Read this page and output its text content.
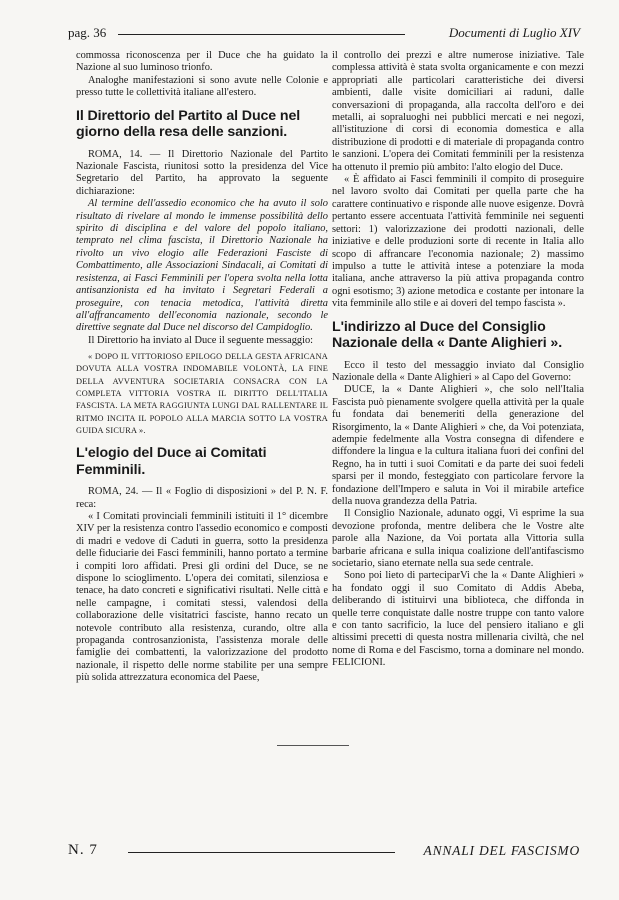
pag. 36	Documenti di Luglio XIV

commossa riconoscenza per il Duce che ha guidato la Nazione al suo luminoso trionfo.

Analoghe manifestazioni si sono avute nelle Colonie e presso tutte le collettività italiane all'estero.

Il Direttorio del Partito al Duce nel giorno della resa delle sanzioni.

ROMA, 14. — Il Direttorio Nazionale del Partito Nazionale Fascista, riunitosi sotto la presidenza del Vice Segretario del Partito, ha approvato la seguente dichiarazione:

Al termine dell'assedio economico che ha avuto il solo risultato di rivelare al mondo le immense possibilità dello spirito di disciplina e del valore del popolo italiano, temprato nel clima fascista, il Direttorio Nazionale ha rivolto un vivo elogio alle Federazioni Fasciste di Combattimento, alle Associazioni Sindacali, ai Comitati di resistenza, ai Fasci Femminili per l'opera svolta nella lotta antisanzionista ed ha invitato i Segretari Federali a proseguire, con tenacia metodica, l'attività diretta all'affrancamento dell'economia nazionale, secondo le direttive segnate dal Duce nel discorso del Campidoglio.

Il Direttorio ha inviato al Duce il seguente messaggio:

« DOPO IL VITTORIOSO EPILOGO DELLA GESTA AFRICANA DOVUTA ALLA VOSTRA INDOMABILE VOLONTÀ, LA FINE DELLA AVVENTURA SOCIETARIA CONSACRA CON LA COMPLETA VITTORIA VOSTRA IL DIRITTO DELL'ITALIA FASCISTA. LA META RAGGIUNTA LUNGI DAL RALLENTARE IL RITMO INCITA IL POPOLO ALLA MARCIA SOTTO LA VOSTRA GUIDA SICURA ».

L'elogio del Duce ai Comitati Femminili.

ROMA, 24. — Il « Foglio di disposizioni » del P. N. F. reca:

« I Comitati provinciali femminili istituiti il 1° dicembre XIV per la resistenza contro l'assedio economico e composti di madri e vedove di Caduti in guerra, sotto la presidenza delle fiduciarie dei Fasci femminili, hanno portato a termine i compiti loro affidati. Presi gli ordini del Duce, se ne dispone lo scioglimento. L'opera dei comitati, silenziosa e tenace, ha dato concreti e significativi risultati. Nelle città e nelle campagne, i comitati stessi, valendosi della collaborazione delle visitatrici fasciste, hanno recato un notevole contributo alla resistenza, curando, oltre alla propaganda controsanzionista, l'assistenza morale delle famiglie dei combattenti, la valorizzazione del prodotto nazionale, il rispetto delle norme stabilite per una sempre più solida attrezzatura economica del Paese,

il controllo dei prezzi e altre numerose iniziative. Tale complessa attività è stata svolta organicamente e con mezzi appropriati alle particolari caratteristiche dei diversi ambienti, dalle visite domiciliari ai raduni, dalle conversazioni di propaganda, alla raccolta dell'oro e dei metalli, ai sopraluoghi nei pubblici mercati e nei negozi, all'istituzione di corsi di economia domestica e alla distribuzione di prodotti e di materiale di propaganda contro le sanzioni. L'opera dei Comitati femminili per la resistenza ha ottenuto il premio più ambito: l'alto elogio del Duce.

« È affidato ai Fasci femminili il compito di proseguire nel lavoro svolto dai Comitati per quella parte che ha carattere continuativo e risponde alle nuove esigenze. Dovrà pertanto essere accentuata l'attività femminile nei seguenti settori: 1) valorizzazione dei prodotti nazionali, delle iniziative e delle produzioni sorte di recente in Italia allo scopo di affrancare l'economia nazionale; 2) massimo impulso a tutte le attività intese a potenziare la moda italiana, anche attraverso la più attiva propaganda contro ogni esotismo; 3) azione metodica e costante per intonare la vita femminile allo stile e ai doveri del tempo fascista ».

L'indirizzo al Duce del Consiglio Nazionale della « Dante Alighieri ».

Ecco il testo del messaggio inviato dal Consiglio Nazionale della « Dante Alighieri » al Capo del Governo:

DUCE, la « Dante Alighieri », che solo nell'Italia Fascista può pienamente svolgere quella attività per la quale fu fondata dai benemeriti della generazione del Risorgimento, la « Dante Alighieri » che, da Voi potenziata, adempie fedelmente alla Vostra consegna di difendere e diffondere la lingua e la cultura italiana fuori dei confini del Regno, ha in tutti i suoi Comitati e da parte dei suoi fedeli sparsi per il mondo, festeggiato con particolare fervore la fondazione dell'Impero e saluta in Voi il mirabile artefice della nuova grandezza della Patria.

Il Consiglio Nazionale, adunato oggi, Vi esprime la sua devozione profonda, mentre delibera che le Vostre alte parole alla Nazione, da Voi portata alla Vittoria sulla barbarie africana e sulla iniqua coalizione dell'antifascismo societario, siano eternate nella sua sede centrale.

Sono poi lieto di parteciparVi che la « Dante Alighieri » ha fondato oggi il suo Comitato di Addis Abeba, deliberando di istituirvi una biblioteca, che diffonda in quelle terre conquistate dalle nostre truppe con tanto valore e con tanto sacrificio, la luce del pensiero italiano e gli altissimi precetti di questa nostra millenaria civiltà, che nel nome di Roma e del Fascismo, torna a dominare nel mondo. FELICIONI.

N. 7	ANNALI DEL FASCISMO
